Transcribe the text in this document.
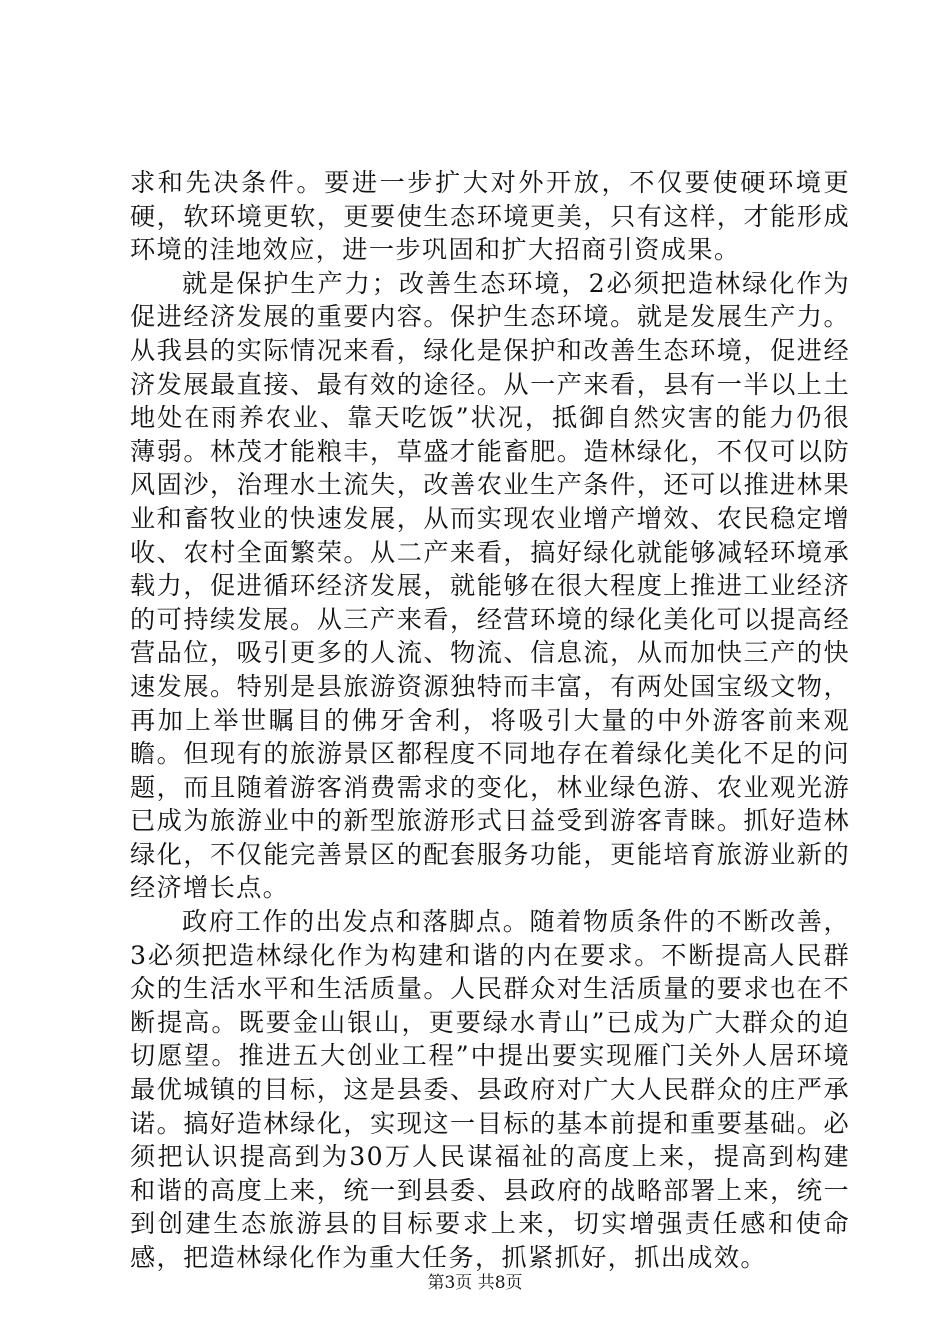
求和先决条件。要进一步扩大对外开放，不仅要使硬环境更硬，软环境更软，更要使生态环境更美，只有这样，才能形成环境的洼地效应，进一步巩固和扩大招商引资成果。

就是保护生产力；改善生态环境，2必须把造林绿化作为促进经济发展的重要内容。保护生态环境。就是发展生产力。从我县的实际情况来看，绿化是保护和改善生态环境，促进经济发展最直接、最有效的途径。从一产来看，县有一半以上土地处在雨养农业、靠天吃饭”状况，抵御自然灾害的能力仍很薄弱。林茂才能粮丰，草盛才能畜肥。造林绿化，不仅可以防风固沙，治理水土流失，改善农业生产条件，还可以推进林果业和畜牧业的快速发展，从而实现农业增产增效、农民稳定增收、农村全面繁荣。从二产来看，搞好绿化就能够减轻环境承载力，促进循环经济发展，就能够在很大程度上推进工业经济的可持续发展。从三产来看，经营环境的绿化美化可以提高经营品位，吸引更多的人流、物流、信息流，从而加快三产的快速发展。特别是县旅游资源独特而丰富，有两处国宝级文物，再加上举世瞩目的佛牙舍利，将吸引大量的中外游客前来观瞻。但现有的旅游景区都程度不同地存在着绿化美化不足的问题，而且随着游客消费需求的变化，林业绿色游、农业观光游已成为旅游业中的新型旅游形式日益受到游客青睐。抓好造林绿化，不仅能完善景区的配套服务功能，更能培育旅游业新的经济增长点。

政府工作的出发点和落脚点。随着物质条件的不断改善，3必须把造林绿化作为构建和谐的内在要求。不断提高人民群众的生活水平和生活质量。人民群众对生活质量的要求也在不断提高。既要金山银山，更要绿水青山”已成为广大群众的迫切愿望。推进五大创业工程”中提出要实现雁门关外人居环境最优城镇的目标，这是县委、县政府对广大人民群众的庄严承诺。搞好造林绿化，实现这一目标的基本前提和重要基础。必须把认识提高到为30万人民谋福祉的高度上来，提高到构建和谐的高度上来，统一到县委、县政府的战略部署上来，统一到创建生态旅游县的目标要求上来，切实增强责任感和使命感，把造林绿化作为重大任务，抓紧抓好，抓出成效。

第3页 共8页
